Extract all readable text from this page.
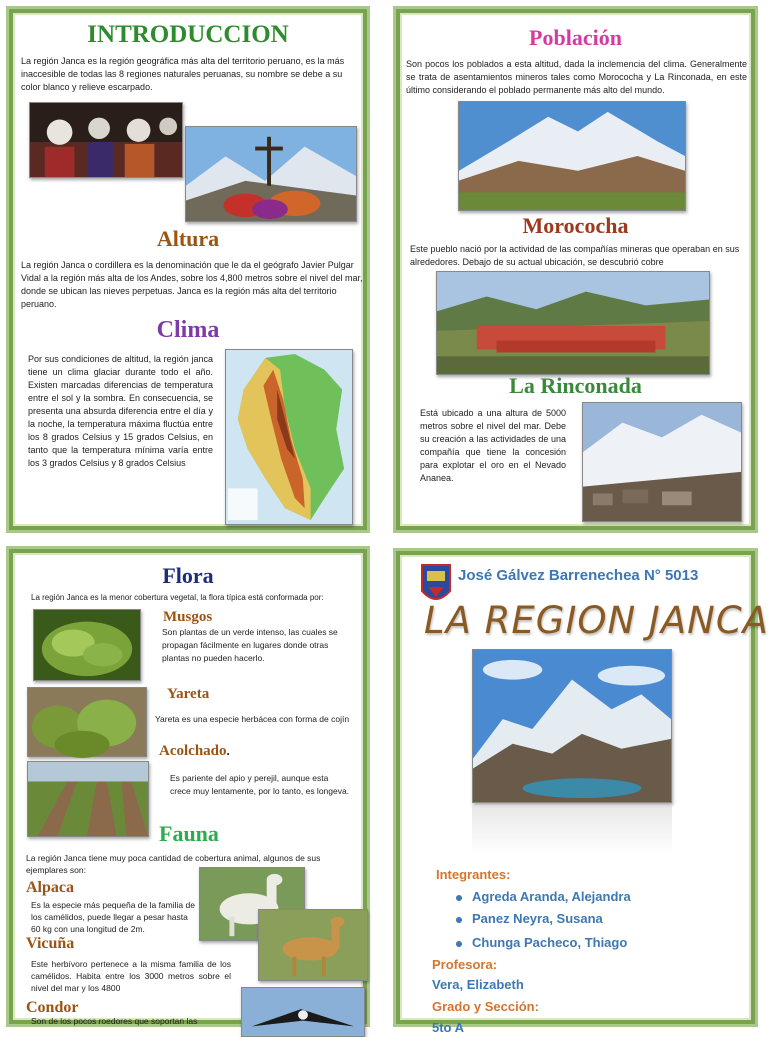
INTRODUCCION
La región Janca es la región geográfica más alta del territorio peruano, es la más inaccesible de todas las 8 regiones naturales peruanas, su nombre se debe a su color blanco y relieve escarpado.
Altura
La región Janca o cordillera es la denominación que le da el geógrafo Javier Pulgar Vidal a la región más alta de los Andes, sobre los 4,800 metros sobre el nivel del mar, donde se ubican las nieves perpetuas. Janca es la región más alta del territorio peruano.
Clima
Por sus condiciones de altitud, la región janca tiene un clima glaciar durante todo el año. Existen marcadas diferencias de temperatura entre el sol y la sombra. En consecuencia, se presenta una absurda diferencia entre el día y la noche, la temperatura máxima fluctúa entre los 8 grados Celsius y 15 grados Celsius, en tanto que la temperatura mínima varía entre los 3 grados Celsius y 8 grados Celsius
Población
Son pocos los poblados a esta altitud, dada la inclemencia del clima. Generalmente se trata de asentamientos mineros tales como Morococha y La Rinconada, en este último considerando el poblado permanente más alto del mundo.
Morococha
Este pueblo nació por la actividad de las compañías mineras que operaban en sus alrededores. Debajo de su actual ubicación, se descubrió cobre
La Rinconada
Está ubicado a una altura de 5000 metros sobre el nivel del mar. Debe su creación a las actividades de una compañía que tiene la concesión para explotar el oro en el Nevado Ananea.
Flora
La región Janca es la menor cobertura vegetal, la flora típica está conformada por:
Musgos
Son plantas de un verde intenso, las cuales se propagan fácilmente en lugares donde otras plantas no pueden hacerlo.
Yareta
Yareta es una especie herbácea con forma de cojín
Acolchado.
Es pariente del apio y perejil, aunque esta crece muy lentamente, por lo tanto, es longeva.
Fauna
La región Janca tiene muy poca cantidad de cobertura animal, algunos de sus ejemplares son:
Alpaca
Es la especie más pequeña de la familia de los camélidos, puede llegar a pesar hasta 60 kg con una longitud de 2m.
Vicuña
Este herbívoro pertenece a la misma familia de los camélidos. Habita entre los 3000 metros sobre el nivel del mar y los 4800
Condor
Son de los pocos roedores que soportan las
José Gálvez Barrenechea N° 5013
LA REGION JANCA
Integrantes:
Agreda Aranda, Alejandra
Panez Neyra, Susana
Chunga Pacheco, Thiago
Profesora:
Vera, Elizabeth
Grado y Sección:
5to A
